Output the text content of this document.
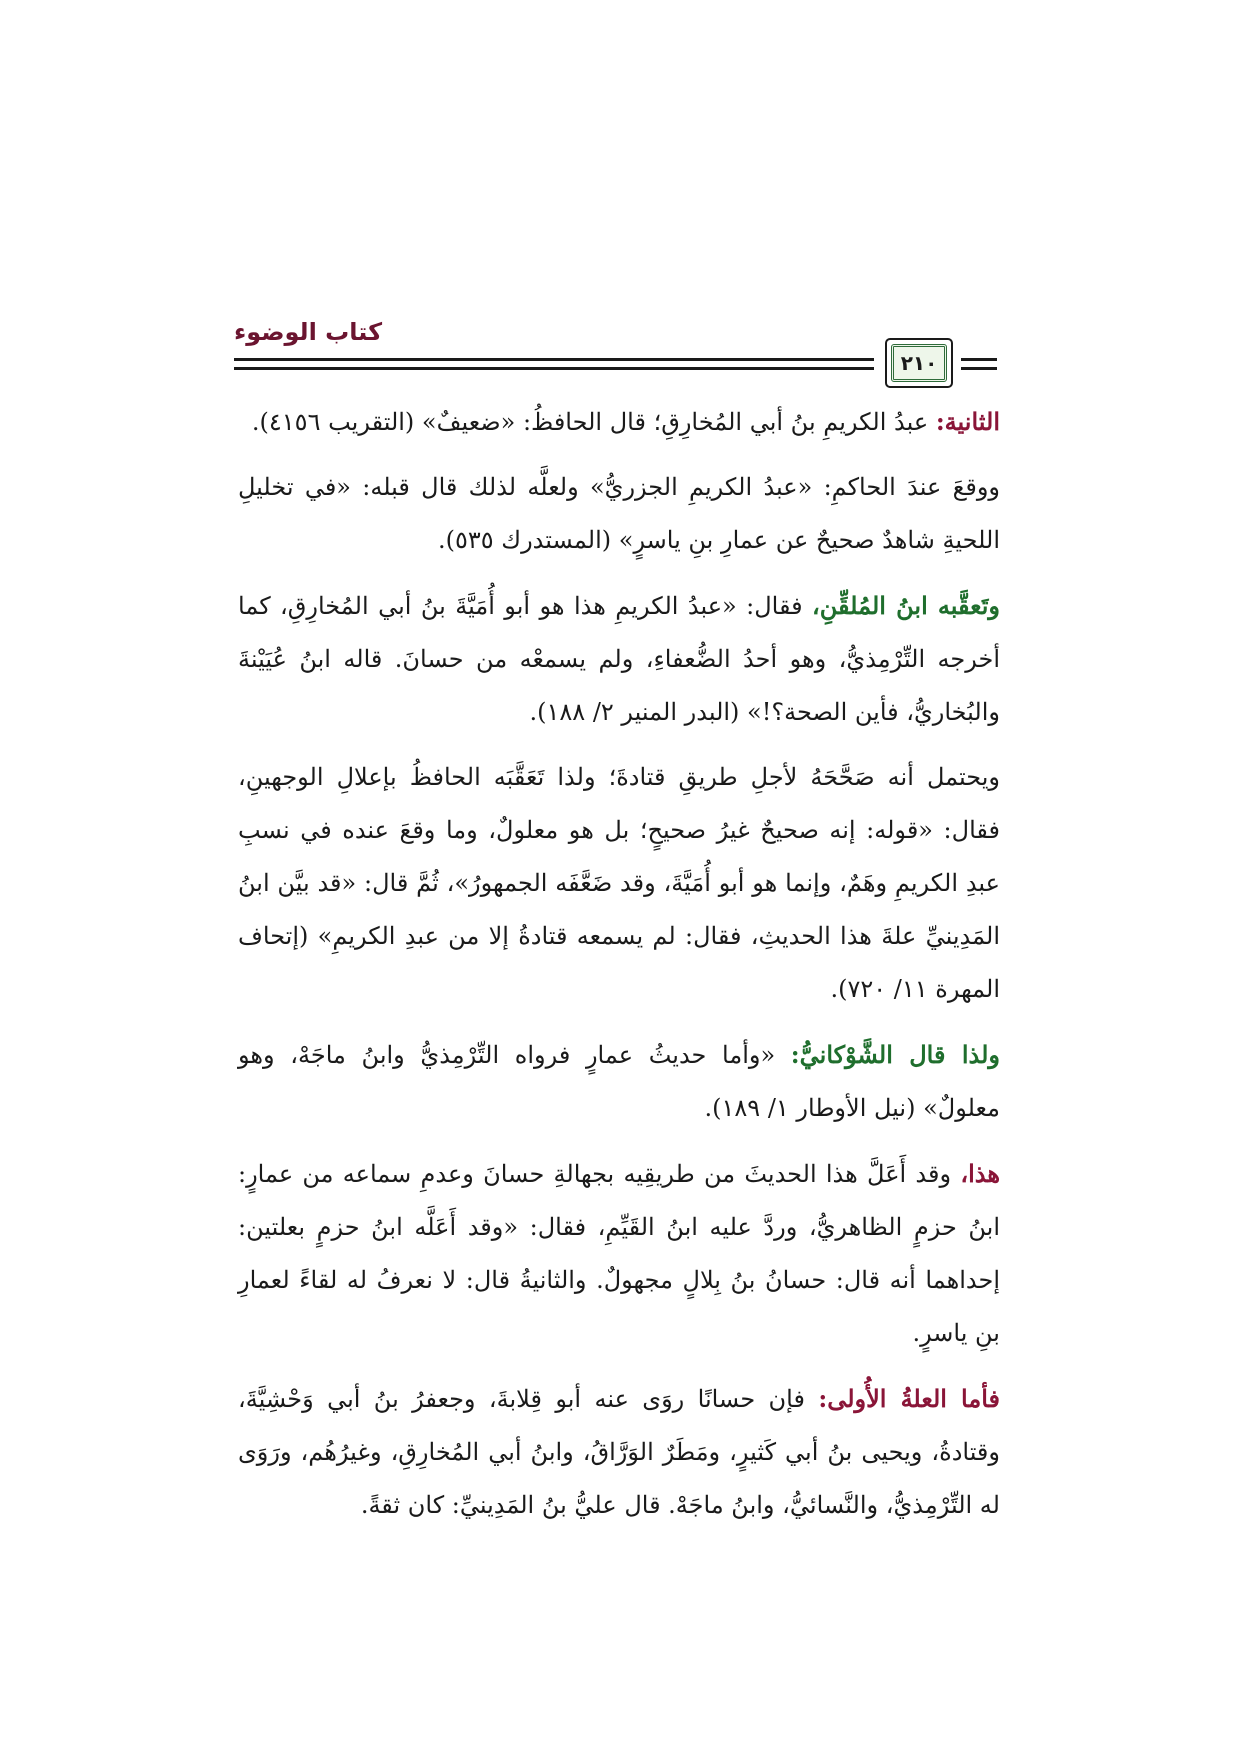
كتاب الوضوء
٢١٠

الثانية: عبدُ الكريمِ بنُ أبي المُخارِقِ؛ قال الحافظُ: «ضعيفٌ» (التقريب ٤١٥٦).

ووقعَ عندَ الحاكمِ: «عبدُ الكريمِ الجزريُّ» ولعلَّه لذلك قال قبله: «في تخليلِ اللحيةِ شاهدٌ صحيحٌ عن عمارِ بنِ ياسرٍ» (المستدرك ٥٣٥).

وتَعقَّبه ابنُ المُلقِّنِ، فقال: «عبدُ الكريمِ هذا هو أبو أُمَيَّةَ بنُ أبي المُخارِقِ، كما أخرجه التِّرْمِذيُّ، وهو أحدُ الضُّعفاءِ، ولم يسمعْه من حسانَ. قاله ابنُ عُيَيْنةَ والبُخاريُّ، فأين الصحة؟!» (البدر المنير ٢/ ١٨٨).

ويحتمل أنه صَحَّحَهُ لأجلِ طريقِ قتادةَ؛ ولذا تَعَقَّبَه الحافظُ بإعلالِ الوجهينِ، فقال: «قوله: إنه صحيحٌ غيرُ صحيحٍ؛ بل هو معلولٌ، وما وقعَ عنده في نسبِ عبدِ الكريمِ وهَمٌ، وإنما هو أبو أُمَيَّةَ، وقد ضَعَّفَه الجمهورُ»، ثُمَّ قال: «قد بيَّن ابنُ المَدِينيِّ علةَ هذا الحديثِ، فقال: لم يسمعه قتادةُ إلا من عبدِ الكريمِ» (إتحاف المهرة ١١/ ٧٢٠).

ولذا قال الشَّوْكانيُّ: «وأما حديثُ عمارٍ فرواه التِّرْمِذيُّ وابنُ ماجَهْ، وهو معلولٌ» (نيل الأوطار ١/ ١٨٩).

هذا، وقد أَعَلَّ هذا الحديثَ من طريقِيه بجهالةِ حسانَ وعدمِ سماعه من عمارٍ: ابنُ حزمٍ الظاهريُّ، وردَّ عليه ابنُ القَيِّمِ، فقال: «وقد أَعَلَّه ابنُ حزمٍ بعلتين: إحداهما أنه قال: حسانُ بنُ بِلالٍ مجهولٌ. والثانيةُ قال: لا نعرفُ له لقاءً لعمارِ بنِ ياسرٍ.

فأما العلةُ الأُولى: فإن حسانًا روَى عنه أبو قِلابةَ، وجعفرُ بنُ أبي وَحْشِيَّةَ، وقتادةُ، ويحيى بنُ أبي كَثيرٍ، ومَطَرٌ الوَرَّاقُ، وابنُ أبي المُخارِقِ، وغيرُهُم، ورَوَى له التِّرْمِذيُّ، والنَّسائيُّ، وابنُ ماجَهْ. قال عليُّ بنُ المَدِينيِّ: كان ثقةً.
